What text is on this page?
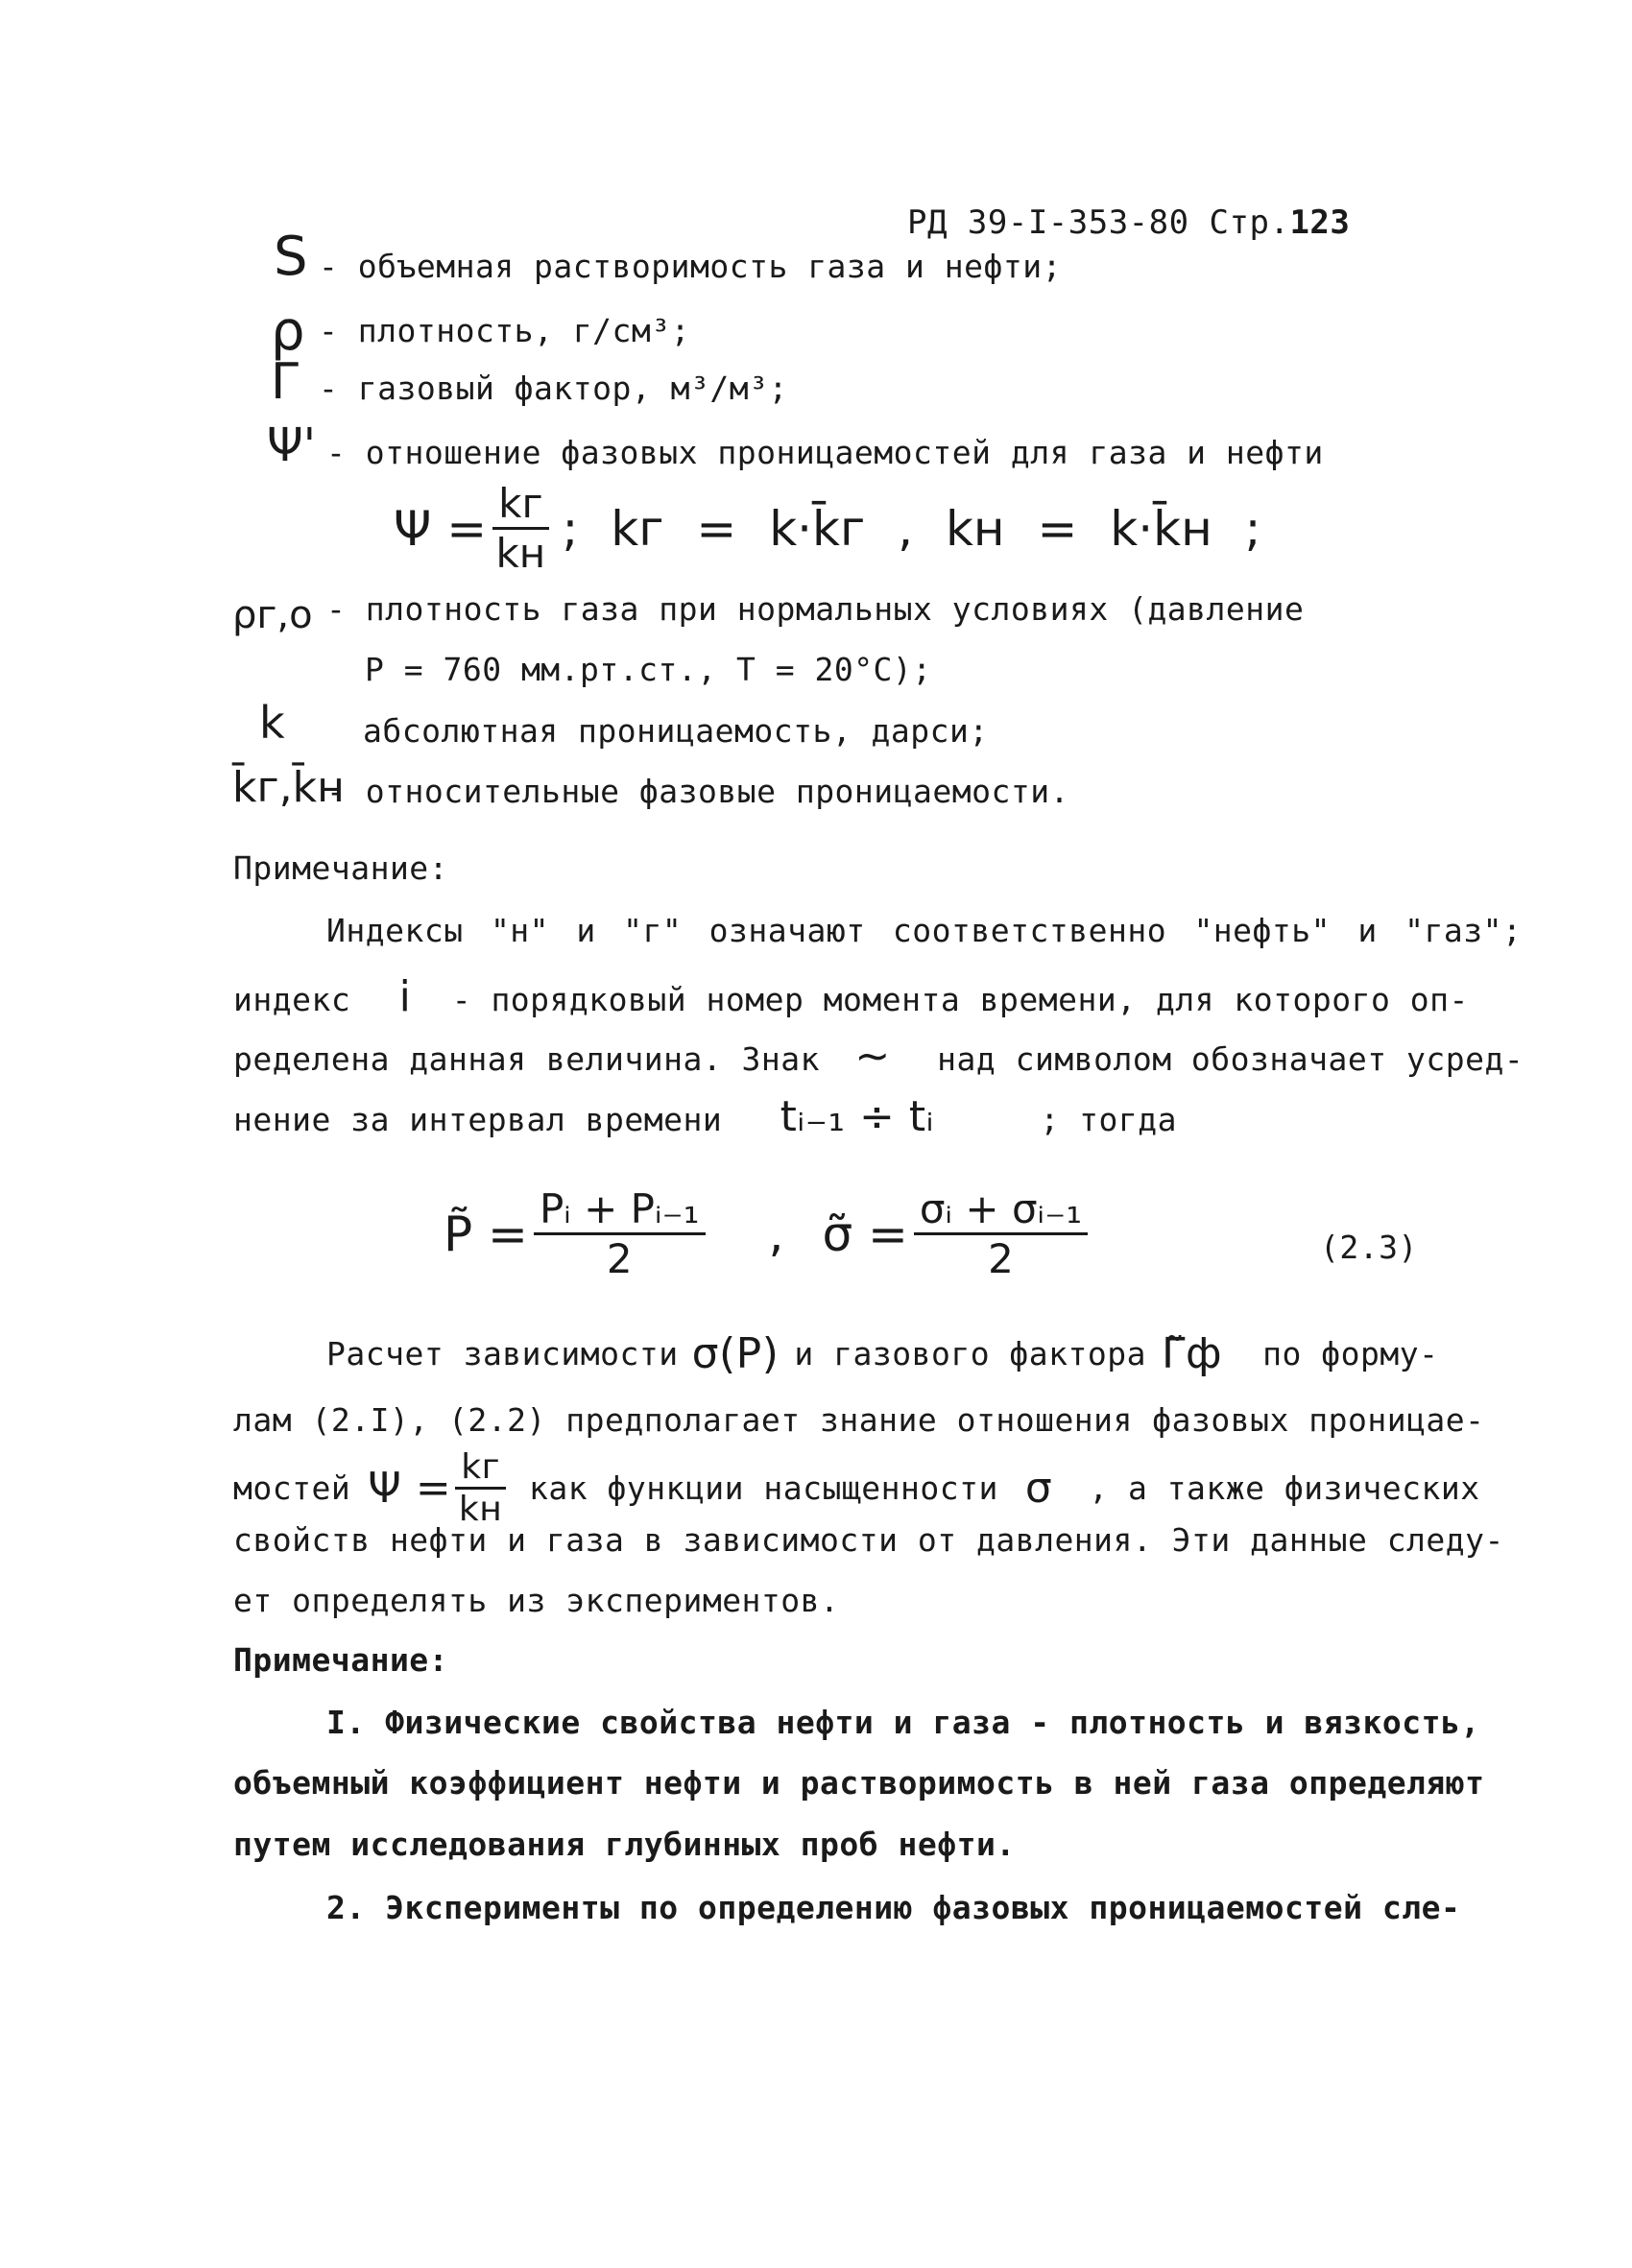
РД 39-I-353-80 Стр.123
S - объемная растворимость газа и нефти;
ρ - плотность, г/см³;
Γ - газовый фактор, м³/м³;
Ψ' - отношение фазовых проницаемостей для газа и нефти
$\Psi = \frac{kг}{kн}$ ; kг = k·k̄г , kн = k·k̄н ;
ρг,о - плотность газа при нормальных условиях (давление
Р = 760 мм.рт.ст., Т = 20°С);
k абсолютная проницаемость, дарси;
k̄г,k̄н
- относительные фазовые проницаемости.
Примечание:
Индексы "н" и "г" означают соответственно "нефть" и "газ";
индекс i - порядковый номер момента времени, для которого оп-
ределена данная величина. Знак ∼ над символом обозначает усред-
нение за интервал времени tᵢ₋₁ ÷ tᵢ	; тогда
P̃ = $\frac{\text{Pᵢ + Pᵢ₋₁}}{2}$ , σ̃ = $\frac{\text{σᵢ + σᵢ₋₁}}{2}$	(2.3)
Расчет зависимости σ(P) и газового фактора Γ̃ф по форму-
лам (2.I), (2.2) предполагает знание отношения фазовых проницае-
мостей $\Psi = \frac{kг}{kн}$ как функции насыщенности σ , а также физических
свойств нефти и газа в зависимости от давления. Эти данные следу-
ет определять из экспериментов.
Примечание:
I. Физические свойства нефти и газа - плотность и вязкость,
объемный коэффициент нефти и растворимость в ней газа определяют
путем исследования глубинных проб нефти.
2. Эксперименты по определению фазовых проницаемостей сле-
